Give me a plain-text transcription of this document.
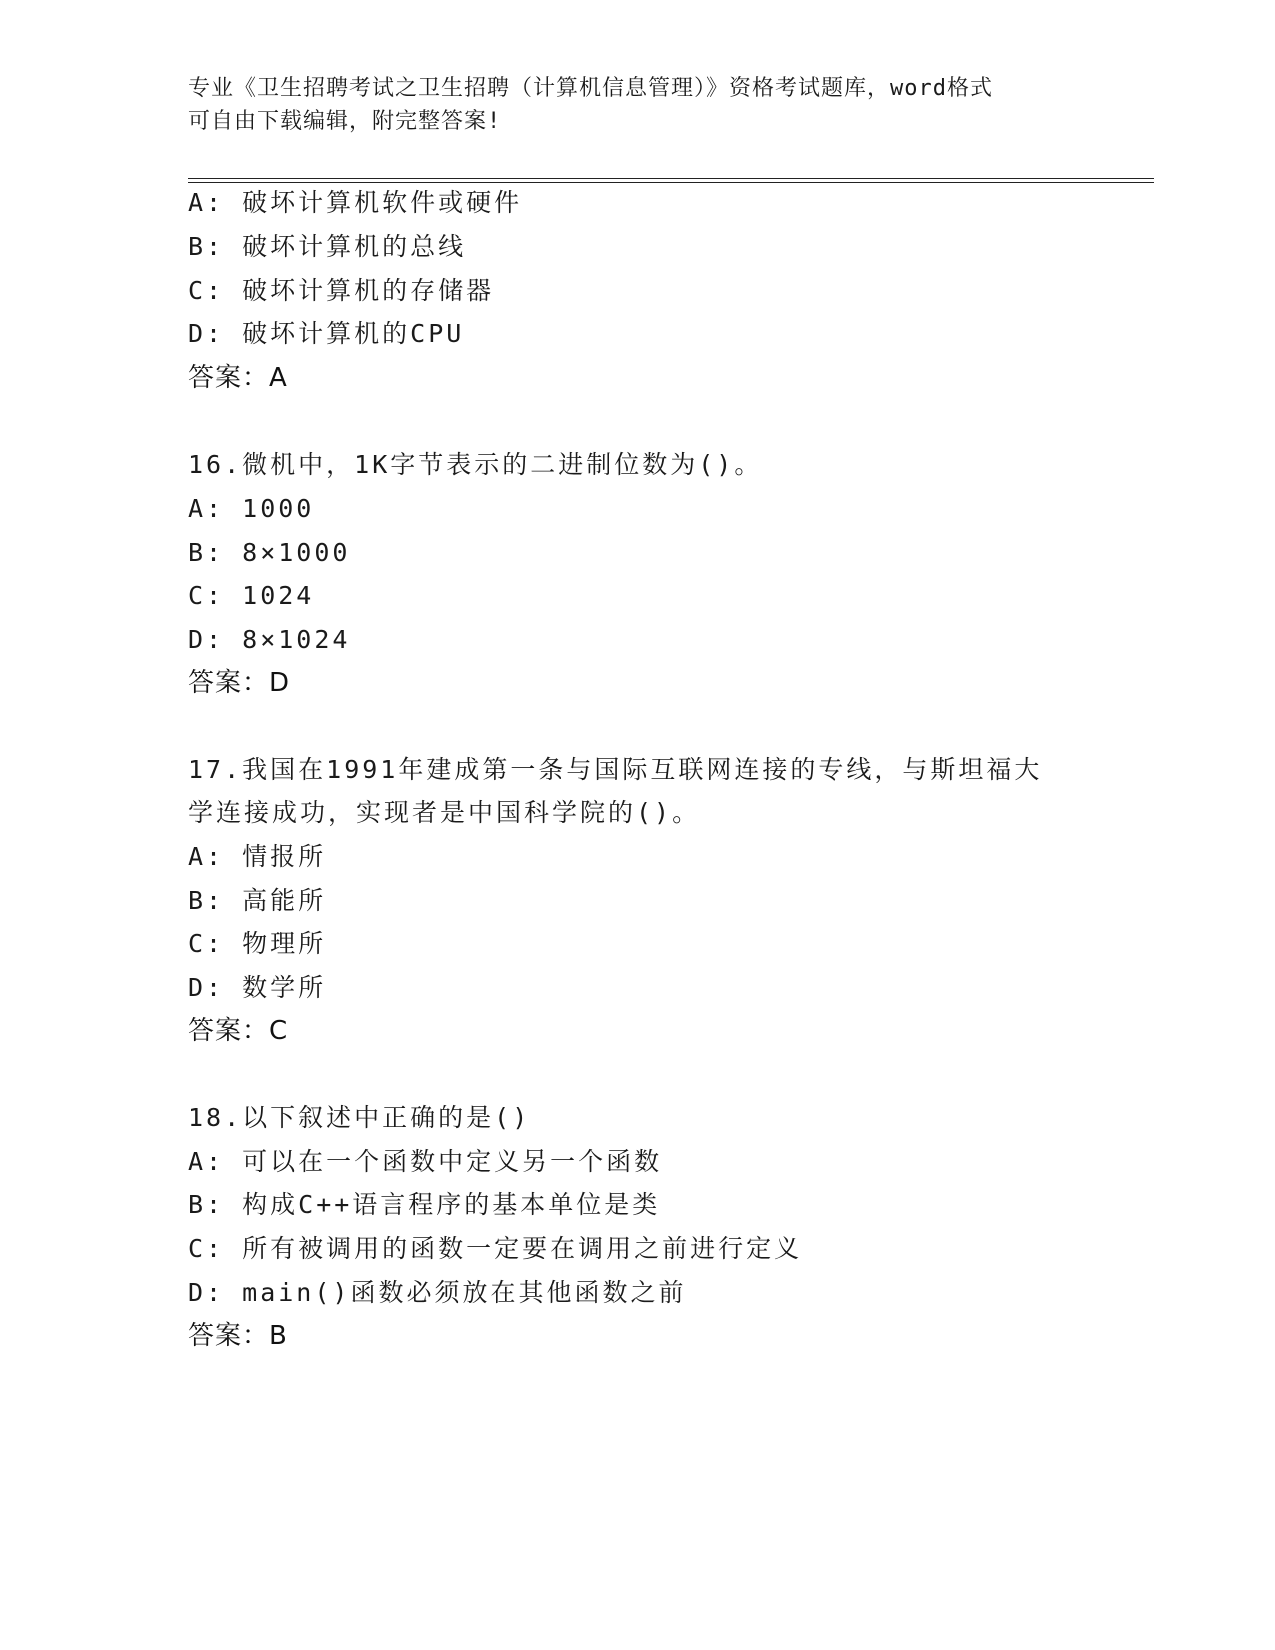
专业《卫生招聘考试之卫生招聘（计算机信息管理）》资格考试题库，word格式
可自由下载编辑，附完整答案!
A: 破坏计算机软件或硬件
B: 破坏计算机的总线
C: 破坏计算机的存储器
D: 破坏计算机的CPU
答案：A
16.微机中，1K字节表示的二进制位数为()。
A: 1000
B: 8×1000
C: 1024
D: 8×1024
答案：D
17.我国在1991年建成第一条与国际互联网连接的专线，与斯坦福大
学连接成功，实现者是中国科学院的()。
A: 情报所
B: 高能所
C: 物理所
D: 数学所
答案：C
18.以下叙述中正确的是()
A: 可以在一个函数中定义另一个函数
B: 构成C++语言程序的基本单位是类
C: 所有被调用的函数一定要在调用之前进行定义
D: main()函数必须放在其他函数之前
答案：B
